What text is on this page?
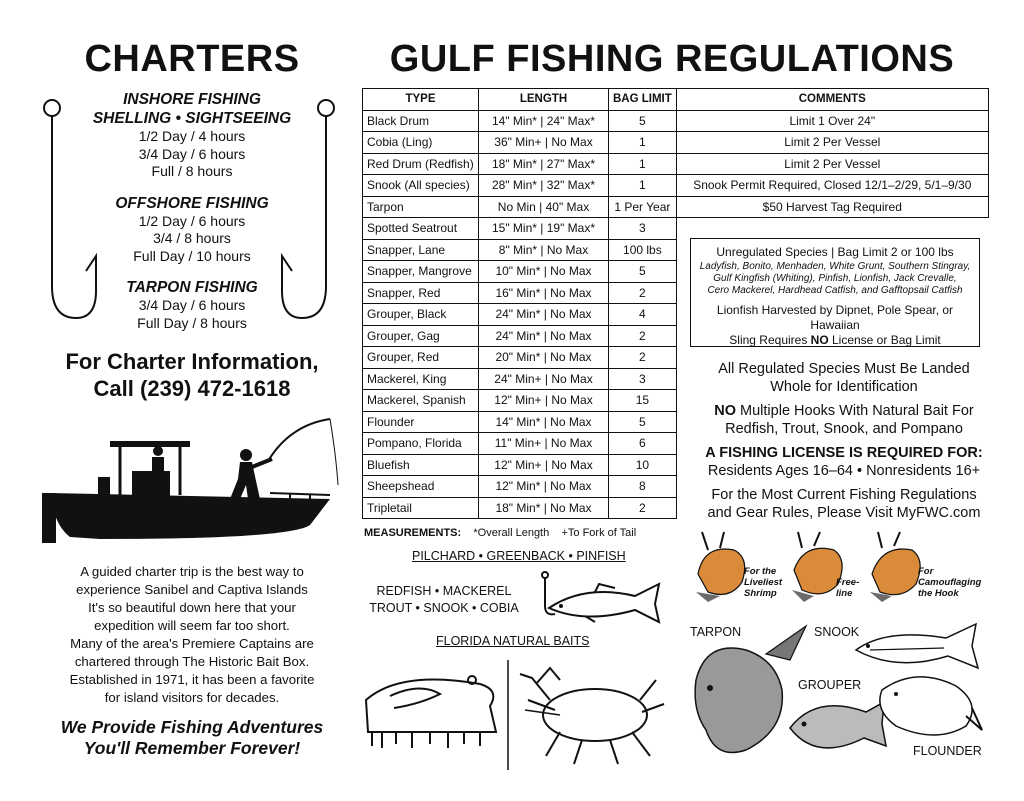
CHARTERS
INSHORE FISHING
SHELLING • SIGHTSEEING
1/2 Day / 4 hours
3/4 Day / 6 hours
Full / 8 hours
OFFSHORE FISHING
1/2 Day / 6 hours
3/4 / 8 hours
Full Day / 10 hours
TARPON FISHING
3/4 Day / 6 hours
Full Day / 8 hours
For Charter Information,
Call (239) 472-1618
A guided charter trip is the best way to
experience Sanibel and Captiva Islands
It's so beautiful down here that your
expedition will seem far too short.
Many of the area's Premiere Captains are
chartered through The Historic Bait Box.
Established in 1971, it has been a favorite
for island visitors for decades.
We Provide Fishing Adventures
You'll Remember Forever!
GULF FISHING REGULATIONS
TYPE	LENGTH	BAG LIMIT	COMMENTS
Black Drum	14" Min* | 24" Max*	5	Limit 1 Over 24"
Cobia (Ling)	36" Min+ | No Max	1	Limit 2 Per Vessel
Red Drum (Redfish)	18" Min* | 27" Max*	1	Limit 2 Per Vessel
Snook (All species)	28" Min* | 32" Max*	1	Snook Permit Required, Closed 12/1–2/29, 5/1–9/30
Tarpon	No Min | 40" Max	1 Per Year	$50 Harvest Tag Required
Spotted Seatrout	15" Min* | 19" Max*	3	
Snapper, Lane	8" Min* | No Max	100 lbs	
Snapper, Mangrove	10" Min* | No Max	5	
Snapper, Red	16" Min* | No Max	2	
Grouper, Black	24" Min* | No Max	4	
Grouper, Gag	24" Min* | No Max	2	
Grouper, Red	20" Min* | No Max	2	
Mackerel, King	24" Min+ | No Max	3	
Mackerel, Spanish	12" Min+ | No Max	15	
Flounder	14" Min* | No Max	5	
Pompano, Florida	11" Min+ | No Max	6	
Bluefish	12" Min+ | No Max	10	
Sheepshead	12" Min* | No Max	8	
Tripletail	18" Min* | No Max	2	
Unregulated Species | Bag Limit 2 or 100 lbs
Ladyfish, Bonito, Menhaden, White Grunt, Southern Stingray,
Gulf Kingfish (Whiting), Pinfish, Lionfish, Jack Crevalle,
Cero Mackerel, Hardhead Catfish, and Gafftopsail Catfish
Lionfish Harvested by Dipnet, Pole Spear, or Hawaiian
Sling Requires NO License or Bag Limit
All Regulated Species Must Be Landed
Whole for Identification
NO Multiple Hooks With Natural Bait For
Redfish, Trout, Snook, and Pompano
A FISHING LICENSE IS REQUIRED FOR:
Residents Ages 16–64 • Nonresidents 16+
For the Most Current Fishing Regulations
and Gear Rules, Please Visit MyFWC.com
MEASUREMENTS: *Overall Length +To Fork of Tail
PILCHARD • GREENBACK • PINFISH
REDFISH • MACKEREL
TROUT • SNOOK • COBIA
FLORIDA NATURAL BAITS
For the
Liveliest
Shrimp
Free-
line
For
Camouflaging
the Hook
TARPON	SNOOK
GROUPER
FLOUNDER
